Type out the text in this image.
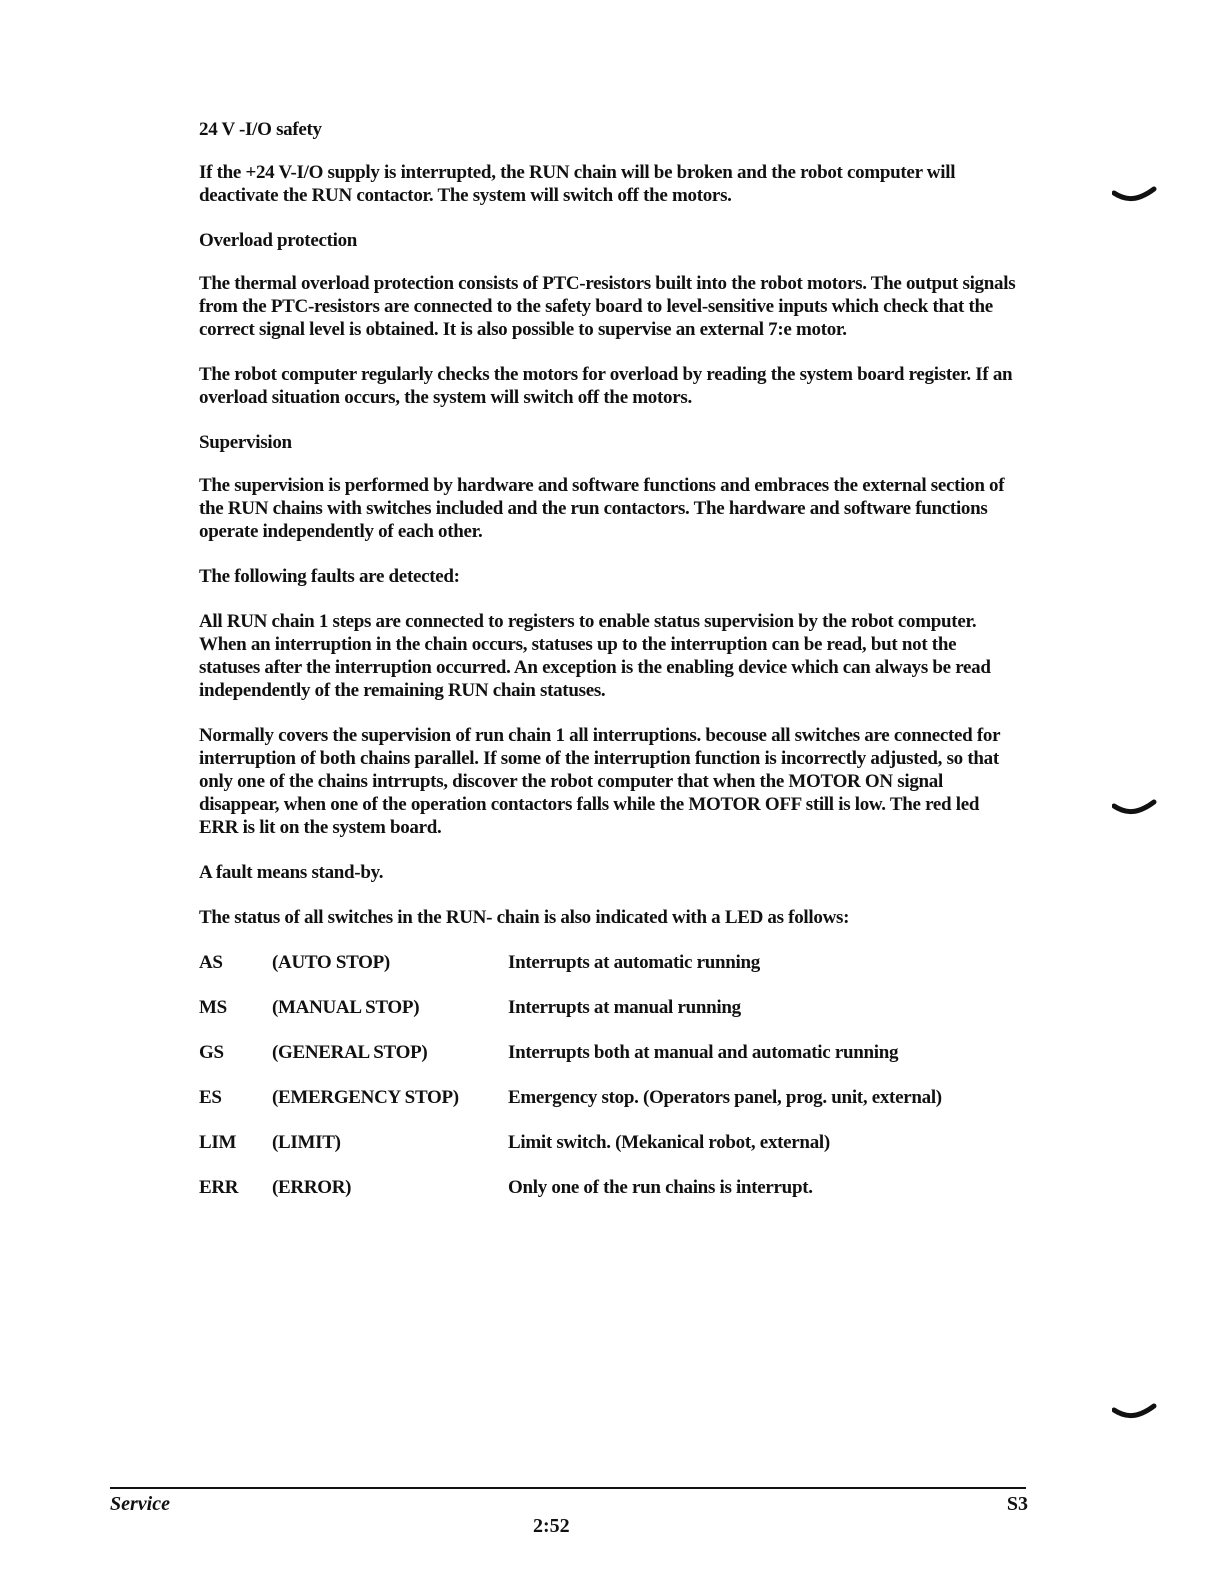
24 V -I/O safety
If the +24 V-I/O supply is interrupted, the RUN chain will be broken and the robot computer will deactivate the RUN contactor. The system will switch off the motors.
Overload protection
The thermal overload protection consists of PTC-resistors built into the robot motors. The output signals from the PTC-resistors are connected to the safety board to level-sensitive inputs which check that the correct signal level is obtained. It is also possible to supervise an external 7:e motor.
The robot computer regularly checks the motors for overload by reading the system board register. If an overload situation occurs, the system will switch off the motors.
Supervision
The supervision is performed by hardware and software functions and embraces the external section of the RUN chains with switches included and the run contactors. The hardware and software functions operate independently of each other.
The following faults are detected:
All RUN chain 1 steps are connected to registers to enable status supervision by the robot computer. When an interruption in the chain occurs, statuses up to the interruption can be read, but not the statuses after the interruption occurred. An exception is the enabling device which can always be read independently of the remaining RUN chain statuses.
Normally covers the supervision of run chain 1 all interruptions. becouse all switches are connected for interruption of both chains parallel. If some of the interruption function is incorrectly adjusted, so that only one of the chains intrrupts, discover the robot computer that when the MOTOR ON signal disappear, when one of the operation contactors falls while the MOTOR OFF still is low. The red led ERR is lit on the system board.
A fault means stand-by.
The status of all switches in the RUN- chain is also indicated with a LED as follows:
AS	(AUTO STOP)	Interrupts at automatic running
MS	(MANUAL STOP)	Interrupts at manual running
GS	(GENERAL STOP)	Interrupts both at manual and automatic running
ES	(EMERGENCY STOP)	Emergency stop. (Operators panel, prog. unit, external)
LIM	(LIMIT)	Limit switch. (Mekanical robot, external)
ERR	(ERROR)	Only one of the run chains is interrupt.
Service	S3
2:52
